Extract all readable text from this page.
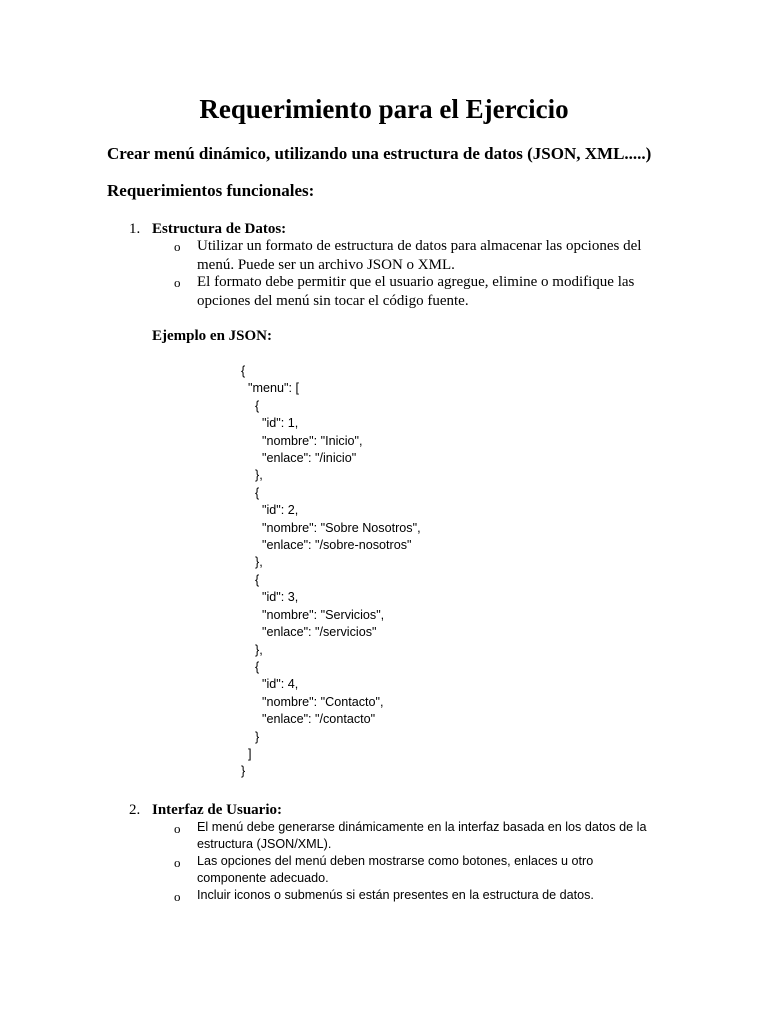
Requerimiento para el Ejercicio

Crear menú dinámico, utilizando una estructura de datos (JSON, XML.....)

Requerimientos funcionales:

1. Estructura de Datos:
o Utilizar un formato de estructura de datos para almacenar las opciones del menú. Puede ser un archivo JSON o XML.

o El formato debe permitir que el usuario agregue, elimine o modifique las opciones del menú sin tocar el código fuente.

Ejemplo en JSON:
{
"menu": [
{
"id": 1,
"nombre": "Inicio",
"enlace": "/inicio"
},
{
"id": 2,
"nombre": "Sobre Nosotros",
"enlace": "/sobre-nosotros"
},
{
"id": 3,
"nombre": "Servicios",
"enlace": "/servicios"
},
{
"id": 4,
"nombre": "Contacto",
"enlace": "/contacto"
}
]
}
2. Interfaz de Usuario:
o El menú debe generarse dinámicamente en la interfaz basada en los datos de la estructura (JSON/XML).

o Las opciones del menú deben mostrarse como botones, enlaces u otro componente adecuado.

o Incluir iconos o submenús si están presentes en la estructura de datos.
